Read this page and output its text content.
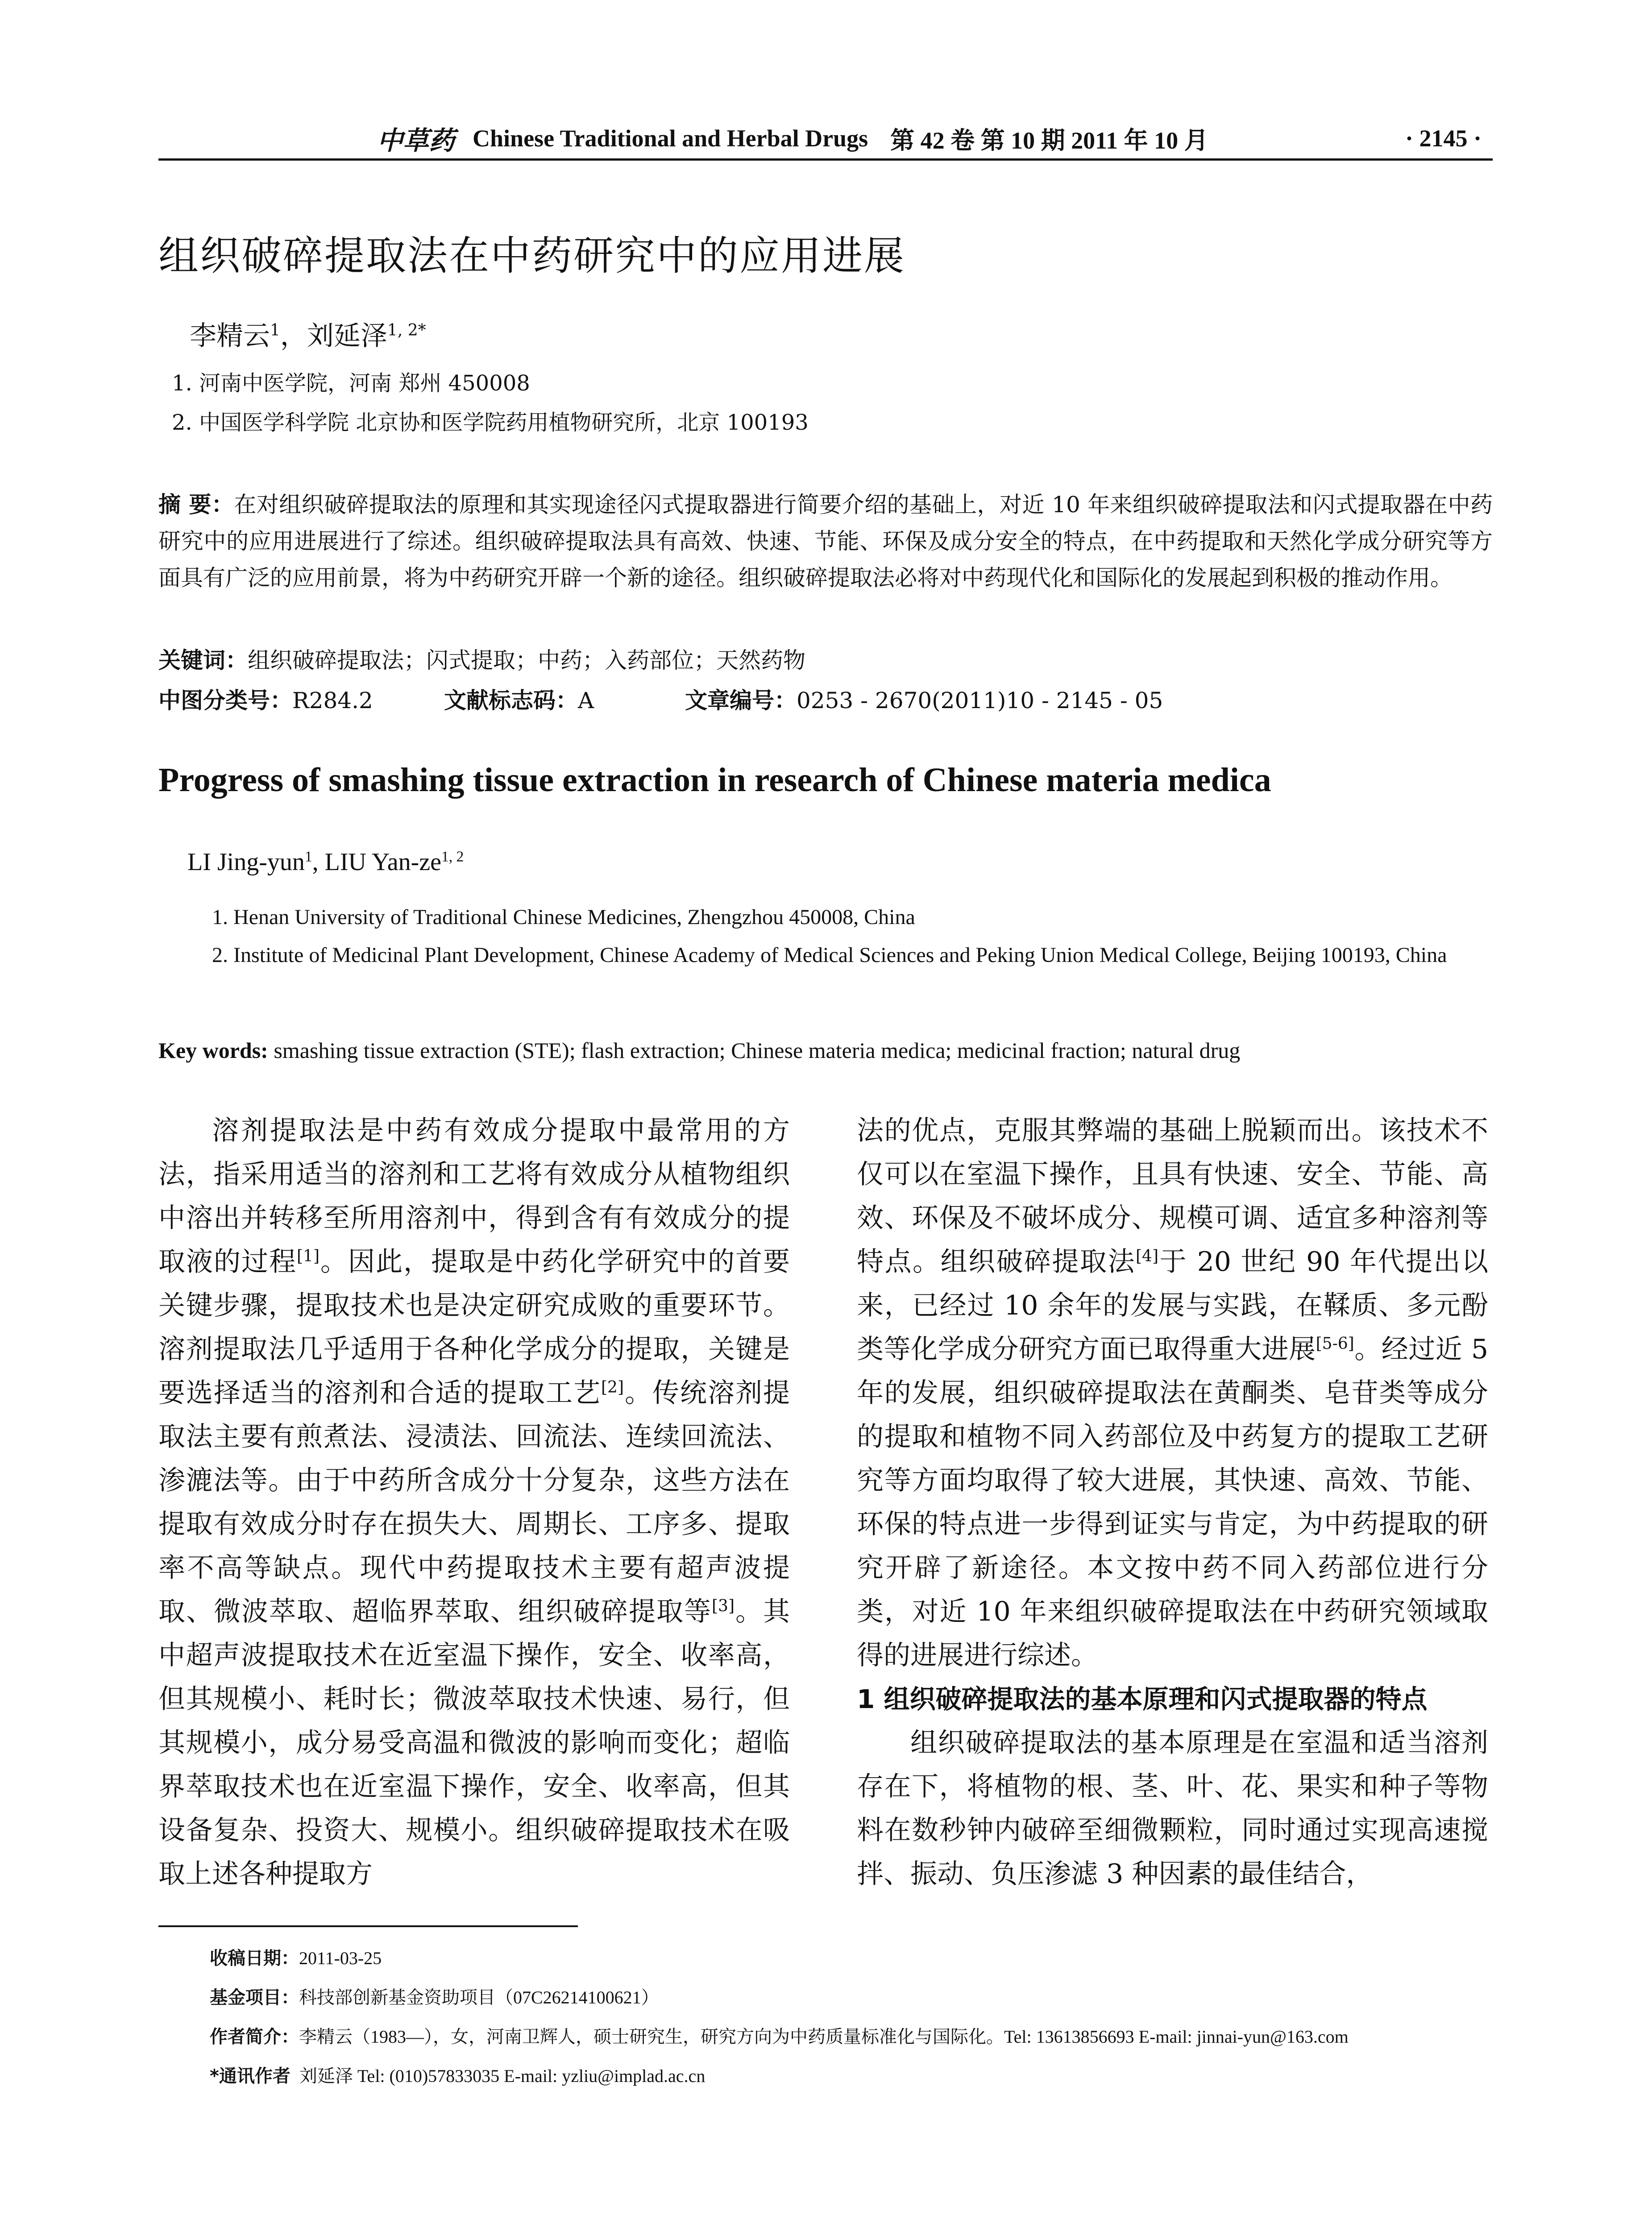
中草药 Chinese Traditional and Herbal Drugs 第 42 卷 第 10 期 2011 年 10 月	· 2145 ·
组织破碎提取法在中药研究中的应用进展
李精云$^1$，刘延泽$^{1, 2*}$
1. 河南中医学院，河南 郑州 450008
2. 中国医学科学院 北京协和医学院药用植物研究所，北京 100193
摘 要：在对组织破碎提取法的原理和其实现途径闪式提取器进行简要介绍的基础上，对近 10 年来组织破碎提取法和闪式提取器在中药研究中的应用进展进行了综述。组织破碎提取法具有高效、快速、节能、环保及成分安全的特点，在中药提取和天然化学成分研究等方面具有广泛的应用前景，将为中药研究开辟一个新的途径。组织破碎提取法必将对中药现代化和国际化的发展起到积极的推动作用。
关键词：组织破碎提取法；闪式提取；中药；入药部位；天然药物
中图分类号：R284.2	文献标志码：A	文章编号：0253 - 2670(2011)10 - 2145 - 05
Progress of smashing tissue extraction in research of Chinese materia medica
LI Jing-yun$^1$, LIU Yan-ze$^{1, 2}$
1. Henan University of Traditional Chinese Medicines, Zhengzhou 450008, China
2. Institute of Medicinal Plant Development, Chinese Academy of Medical Sciences and Peking Union Medical College, Beijing 100193, China
Key words: smashing tissue extraction (STE); flash extraction; Chinese materia medica; medicinal fraction; natural drug

溶剂提取法是中药有效成分提取中最常用的方法，指采用适当的溶剂和工艺将有效成分从植物组织中溶出并转移至所用溶剂中，得到含有有效成分的提取液的过程[1]。因此，提取是中药化学研究中的首要关键步骤，提取技术也是决定研究成败的重要环节。溶剂提取法几乎适用于各种化学成分的提取，关键是要选择适当的溶剂和合适的提取工艺[2]。传统溶剂提取法主要有煎煮法、浸渍法、回流法、连续回流法、渗漉法等。由于中药所含成分十分复杂，这些方法在提取有效成分时存在损失大、周期长、工序多、提取率不高等缺点。现代中药提取技术主要有超声波提取、微波萃取、超临界萃取、组织破碎提取等[3]。其中超声波提取技术在近室温下操作，安全、收率高，但其规模小、耗时长；微波萃取技术快速、易行，但其规模小，成分易受高温和微波的影响而变化；超临界萃取技术也在近室温下操作，安全、收率高，但其设备复杂、投资大、规模小。组织破碎提取技术在吸取上述各种提取方

法的优点，克服其弊端的基础上脱颖而出。该技术不仅可以在室温下操作，且具有快速、安全、节能、高效、环保及不破坏成分、规模可调、适宜多种溶剂等特点。组织破碎提取法[4]于 20 世纪 90 年代提出以来，已经过 10 余年的发展与实践，在鞣质、多元酚类等化学成分研究方面已取得重大进展[5-6]。经过近 5 年的发展，组织破碎提取法在黄酮类、皂苷类等成分的提取和植物不同入药部位及中药复方的提取工艺研究等方面均取得了较大进展，其快速、高效、节能、环保的特点进一步得到证实与肯定，为中药提取的研究开辟了新途径。本文按中药不同入药部位进行分类，对近 10 年来组织破碎提取法在中药研究领域取得的进展进行综述。

1 组织破碎提取法的基本原理和闪式提取器的特点

组织破碎提取法的基本原理是在室温和适当溶剂存在下，将植物的根、茎、叶、花、果实和种子等物料在数秒钟内破碎至细微颗粒，同时通过实现高速搅拌、振动、负压渗滤 3 种因素的最佳结合，

收稿日期：2011-03-25
基金项目：科技部创新基金资助项目（07C26214100621）
作者简介：李精云（1983—），女，河南卫辉人，硕士研究生，研究方向为中药质量标准化与国际化。Tel: 13613856693 E-mail: jinnai-yun@163.com
*通讯作者 刘延泽 Tel: (010)57833035 E-mail: yzliu@implad.ac.cn
